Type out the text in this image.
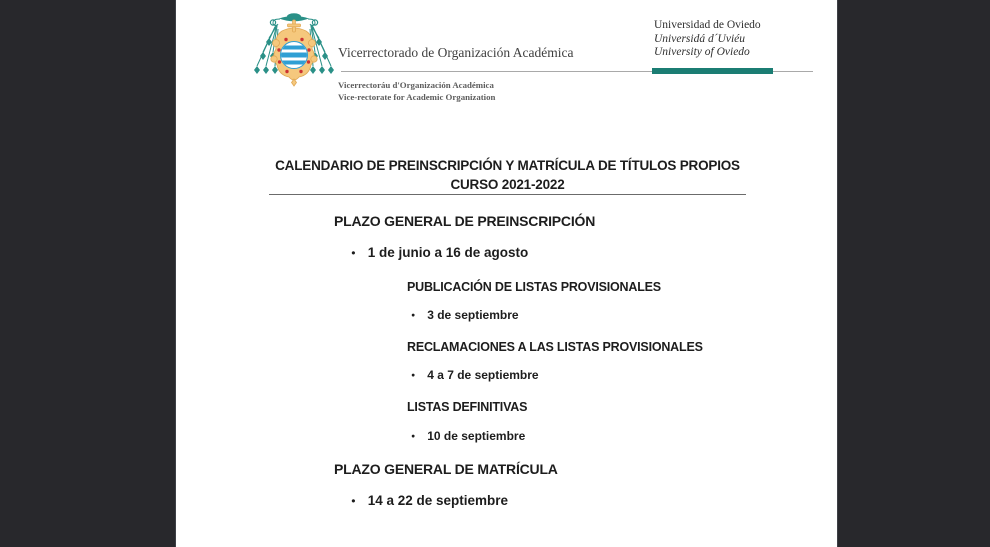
Vicerrectorado de Organización Académica
Universidad de Oviedo
Universidá d´Uviéu
University of Oviedo
Vicerrectoráu d'Organización Académica
Vice-rectorate for Academic Organization
CALENDARIO DE PREINSCRIPCIÓN Y MATRÍCULA DE TÍTULOS PROPIOS
CURSO 2021-2022
PLAZO GENERAL DE PREINSCRIPCIÓN
• 1 de junio a 16 de agosto
PUBLICACIÓN DE LISTAS PROVISIONALES
• 3 de septiembre
RECLAMACIONES A LAS LISTAS PROVISIONALES
• 4 a 7 de septiembre
LISTAS DEFINITIVAS
• 10 de septiembre
PLAZO GENERAL DE MATRÍCULA
• 14 a 22 de septiembre
